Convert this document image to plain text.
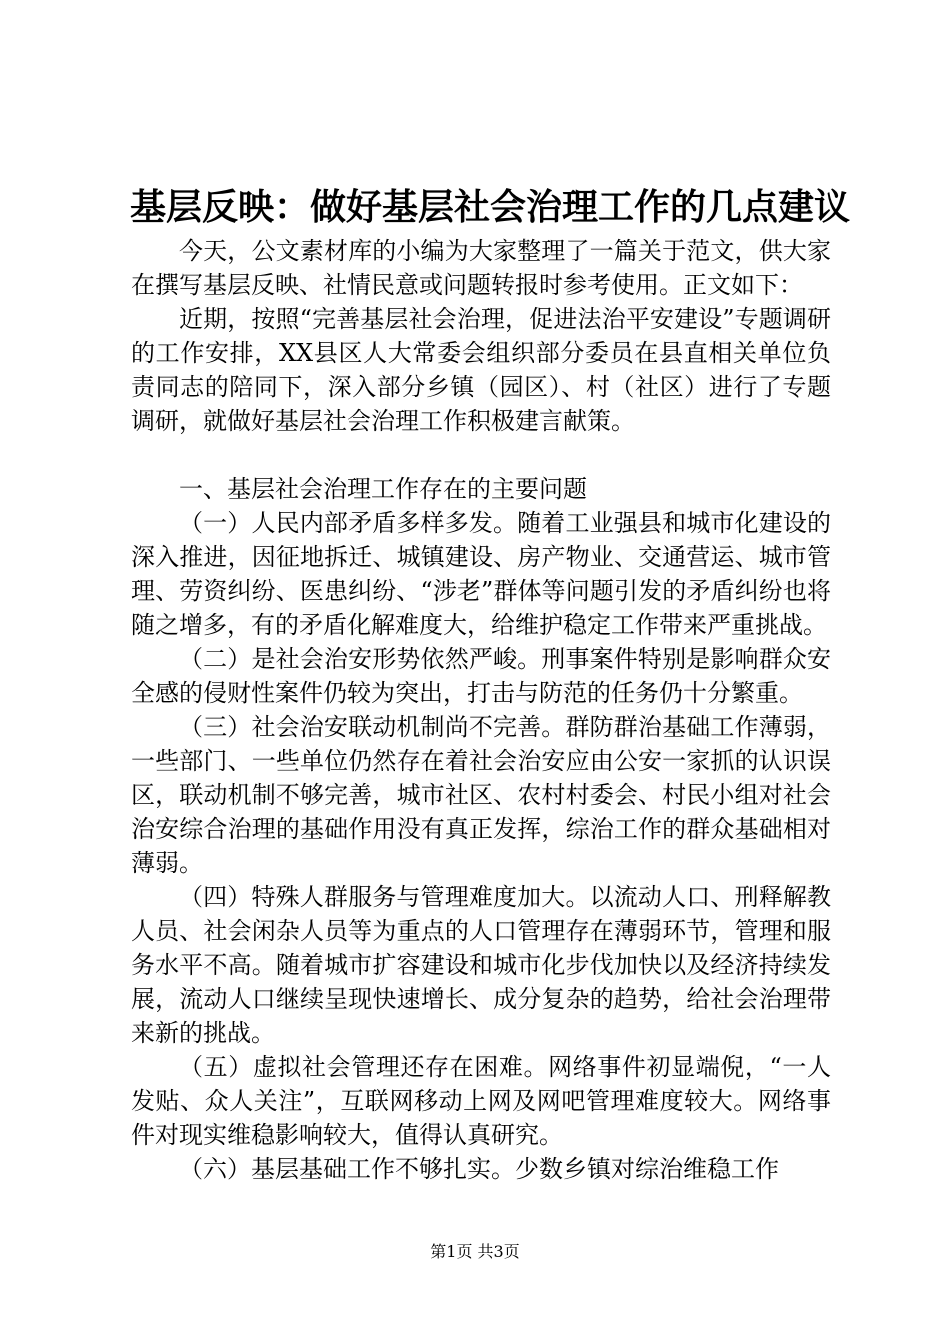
基层反映：做好基层社会治理工作的几点建议

今天，公文素材库的小编为大家整理了一篇关于范文，供大家在撰写基层反映、社情民意或问题转报时参考使用。正文如下：

近期，按照“完善基层社会治理，促进法治平安建设”专题调研的工作安排，XX县区人大常委会组织部分委员在县直相关单位负责同志的陪同下，深入部分乡镇（园区）、村（社区）进行了专题调研，就做好基层社会治理工作积极建言献策。

一、基层社会治理工作存在的主要问题

（一）人民内部矛盾多样多发。随着工业强县和城市化建设的深入推进，因征地拆迁、城镇建设、房产物业、交通营运、城市管理、劳资纠纷、医患纠纷、“涉老”群体等问题引发的矛盾纠纷也将随之增多，有的矛盾化解难度大，给维护稳定工作带来严重挑战。

（二）是社会治安形势依然严峻。刑事案件特别是影响群众安全感的侵财性案件仍较为突出，打击与防范的任务仍十分繁重。

（三）社会治安联动机制尚不完善。群防群治基础工作薄弱，一些部门、一些单位仍然存在着社会治安应由公安一家抓的认识误区，联动机制不够完善，城市社区、农村村委会、村民小组对社会治安综合治理的基础作用没有真正发挥，综治工作的群众基础相对薄弱。

（四）特殊人群服务与管理难度加大。以流动人口、刑释解教人员、社会闲杂人员等为重点的人口管理存在薄弱环节，管理和服务水平不高。随着城市扩容建设和城市化步伐加快以及经济持续发展，流动人口继续呈现快速增长、成分复杂的趋势，给社会治理带来新的挑战。

（五）虚拟社会管理还存在困难。网络事件初显端倪，“一人发贴、众人关注”，互联网移动上网及网吧管理难度较大。网络事件对现实维稳影响较大，值得认真研究。

（六）基层基础工作不够扎实。少数乡镇对综治维稳工作

第1页 共3页
